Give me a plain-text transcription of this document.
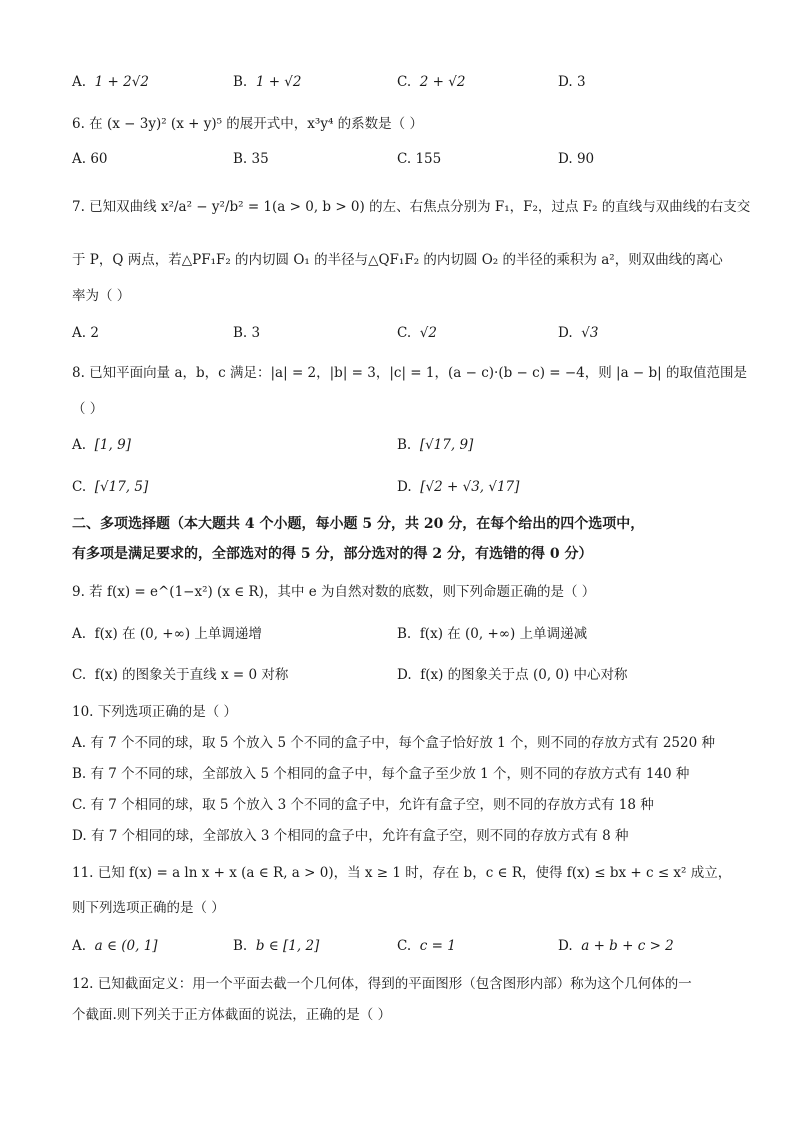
A. 1 + 2√2	B. 1 + √2	C. 2 + √2	D. 3
6. 在 (x − 3y)² (x + y)⁵ 的展开式中，x³y⁴ 的系数是（ ）
A. 60	B. 35	C. 155	D. 90
7. 已知双曲线 x²/a² − y²/b² = 1(a > 0, b > 0) 的左、右焦点分别为 F₁，F₂，过点 F₂ 的直线与双曲线的右支交
于 P，Q 两点，若△PF₁F₂ 的内切圆 O₁ 的半径与△QF₁F₂ 的内切圆 O₂ 的半径的乘积为 a²，则双曲线的离心
率为（ ）
A. 2	B. 3	C. √2	D. √3
8. 已知平面向量 a，b，c 满足：|a| = 2，|b| = 3，|c| = 1，(a − c)·(b − c) = −4，则 |a − b| 的取值范围是
（ ）
A. [1, 9]	B. [√17, 9]
C. [√17, 5]	D. [√2 + √3, √17]
二、多项选择题（本大题共 4 个小题，每小题 5 分，共 20 分，在每个给出的四个选项中，
有多项是满足要求的，全部选对的得 5 分，部分选对的得 2 分，有选错的得 0 分）
9. 若 f(x) = e^(1−x²) (x ∈ R)，其中 e 为自然对数的底数，则下列命题正确的是（ ）
A. f(x) 在 (0, +∞) 上单调递增	B. f(x) 在 (0, +∞) 上单调递减
C. f(x) 的图象关于直线 x = 0 对称	D. f(x) 的图象关于点 (0, 0) 中心对称
10. 下列选项正确的是（ ）
A. 有 7 个不同的球，取 5 个放入 5 个不同的盒子中，每个盒子恰好放 1 个，则不同的存放方式有 2520 种
B. 有 7 个不同的球，全部放入 5 个相同的盒子中，每个盒子至少放 1 个，则不同的存放方式有 140 种
C. 有 7 个相同的球，取 5 个放入 3 个不同的盒子中，允许有盒子空，则不同的存放方式有 18 种
D. 有 7 个相同的球，全部放入 3 个相同的盒子中，允许有盒子空，则不同的存放方式有 8 种
11. 已知 f(x) = a ln x + x (a ∈ R, a > 0)，当 x ≥ 1 时，存在 b，c ∈ R，使得 f(x) ≤ bx + c ≤ x² 成立，
则下列选项正确的是（ ）
A. a ∈ (0, 1]	B. b ∈ [1, 2]	C. c = 1	D. a + b + c > 2
12. 已知截面定义：用一个平面去截一个几何体，得到的平面图形（包含图形内部）称为这个几何体的一
个截面.则下列关于正方体截面的说法，正确的是（ ）
